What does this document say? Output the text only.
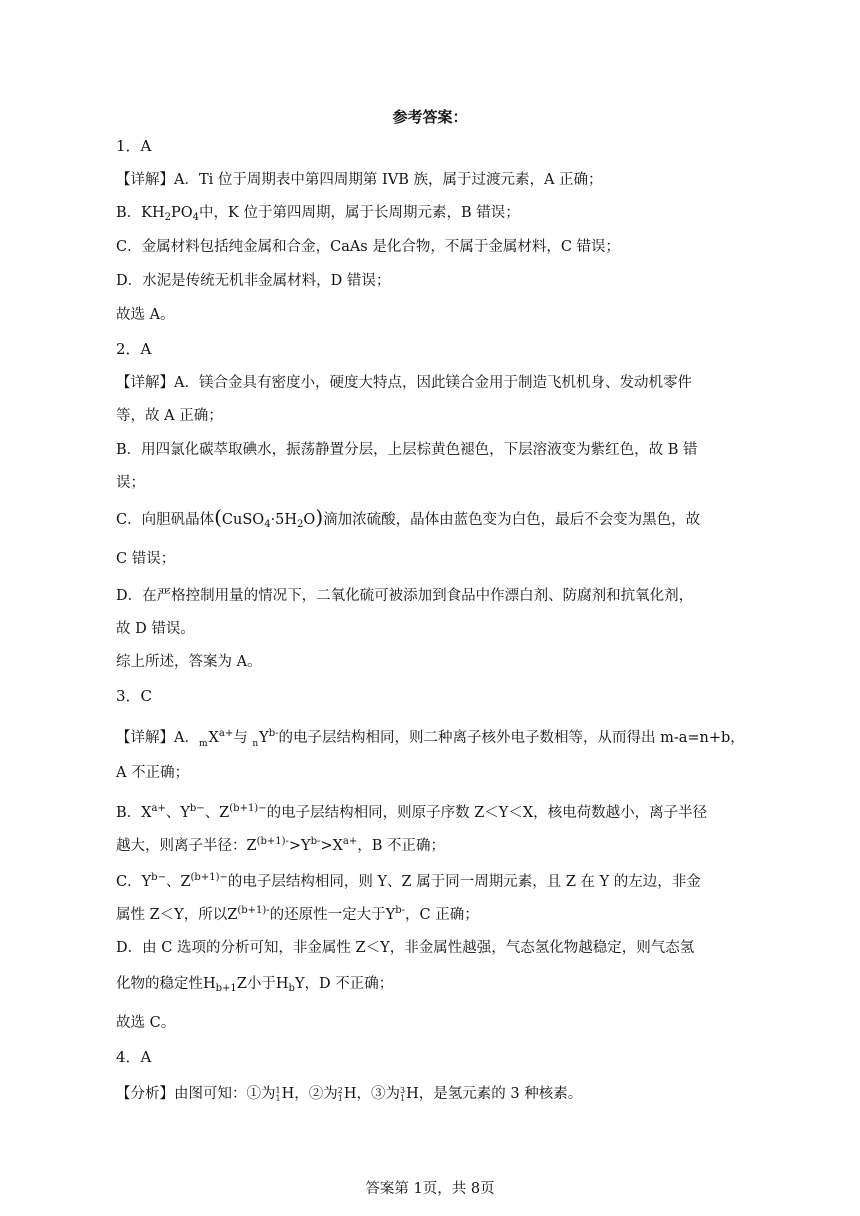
参考答案：
1．A
【详解】A．Ti 位于周期表中第四周期第 IVB 族，属于过渡元素，A 正确；
B．$KH_2PO_4$中，K 位于第四周期，属于长周期元素，B 错误；
C．金属材料包括纯金属和合金，CaAs 是化合物，不属于金属材料，C 错误；
D．水泥是传统无机非金属材料，D 错误；
故选 A。
2．A
【详解】A．镁合金具有密度小，硬度大特点，因此镁合金用于制造飞机机身、发动机零件
等，故 A 正确；
B．用四氯化碳萃取碘水，振荡静置分层，上层棕黄色褪色，下层溶液变为紫红色，故 B 错
误；
C．向胆矾晶体$(CuSO_4\cdot 5H_2O)$滴加浓硫酸，晶体由蓝色变为白色，最后不会变为黑色，故
C 错误；
D．在严格控制用量的情况下，二氧化硫可被添加到食品中作漂白剂、防腐剂和抗氧化剂，
故 D 错误。
综上所述，答案为 A。
3．C
【详解】A．$_mX^{a+}$与 $_nY^{b-}$的电子层结构相同，则二种离子核外电子数相等，从而得出 m-a=n+b，
A 不正确；
B．$X^{a+}$、$Y^{b-}$、$Z^{(b+1)-}$的电子层结构相同，则原子序数 Z＜Y＜X，核电荷数越小，离子半径
越大，则离子半径：$Z^{(b+1)-}>Y^{b-}>X^{a+}$，B 不正确；
C．$Y^{b-}$、$Z^{(b+1)-}$的电子层结构相同，则 Y、Z 属于同一周期元素，且 Z 在 Y 的左边，非金
属性 Z＜Y，所以$Z^{(b+1)-}$的还原性一定大于$Y^{b-}$，C 正确；
D．由 C 选项的分析可知，非金属性 Z＜Y，非金属性越强，气态氢化物越稳定，则气态氢
化物的稳定性$H_{b+1}Z$小于$H_bY$，D 不正确；
故选 C。
4．A
【分析】由图可知：①为1
1H，②为2
1H，③为3
1H，是氢元素的 3 种核素。
答案第 1页，共 8页
